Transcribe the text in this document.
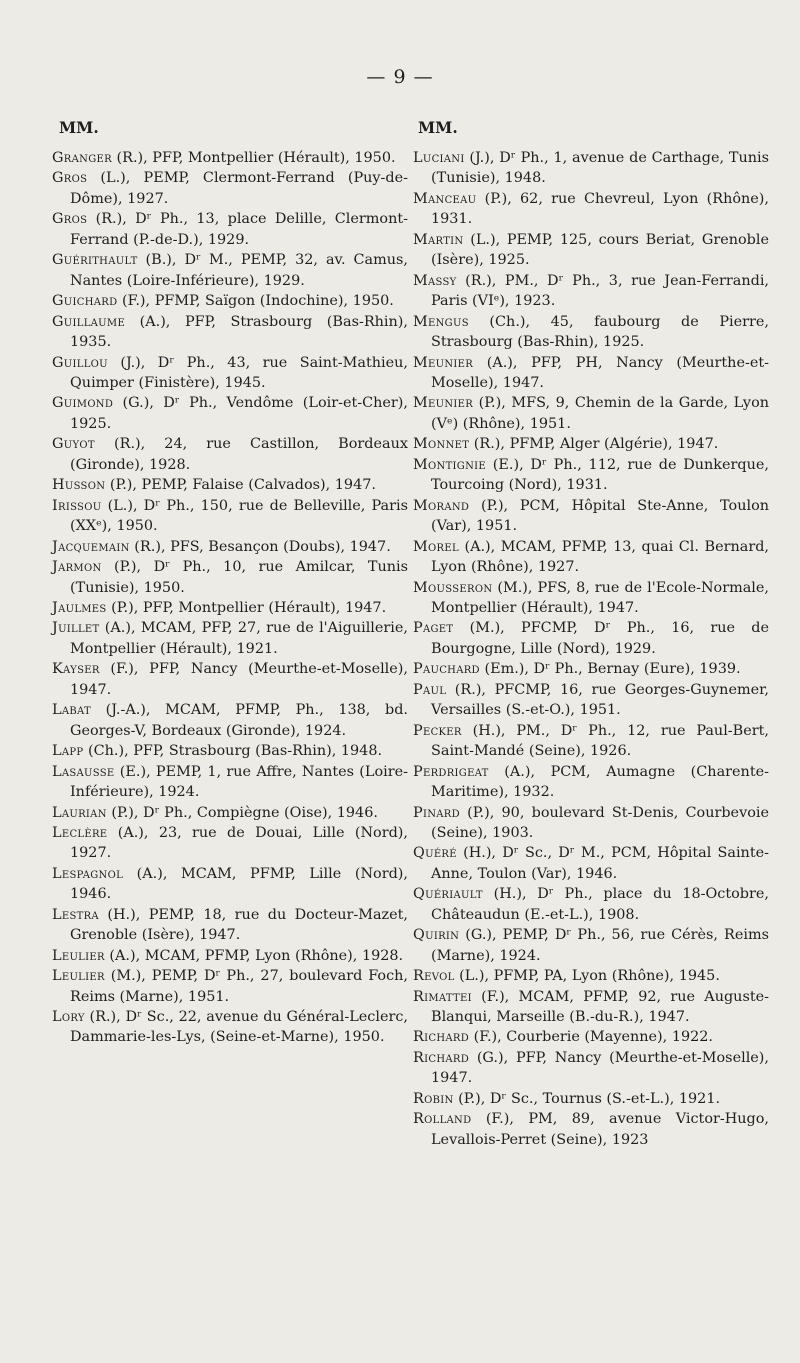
— 9 —
MM.
Granger (R.), PFP, Montpellier (Hérault), 1950.
Gros (L.), PEMP, Clermont-Ferrand (Puy-de-Dôme), 1927.
Gros (R.), Dʳ Ph., 13, place Delille, Clermont-Ferrand (P.-de-D.), 1929.
Guérithault (B.), Dʳ M., PEMP, 32, av. Camus, Nantes (Loire-Inférieure), 1929.
Guichard (F.), PFMP, Saïgon (Indochine), 1950.
Guillaume (A.), PFP, Strasbourg (Bas-Rhin), 1935.
Guillou (J.), Dʳ Ph., 43, rue Saint-Mathieu, Quimper (Finistère), 1945.
Guimond (G.), Dʳ Ph., Vendôme (Loir-et-Cher), 1925.
Guyot (R.), 24, rue Castillon, Bordeaux (Gironde), 1928.
Husson (P.), PEMP, Falaise (Calvados), 1947.
Irissou (L.), Dʳ Ph., 150, rue de Belleville, Paris (XXᵉ), 1950.
Jacquemain (R.), PFS, Besançon (Doubs), 1947.
Jarmon (P.), Dʳ Ph., 10, rue Amilcar, Tunis (Tunisie), 1950.
Jaulmes (P.), PFP, Montpellier (Hérault), 1947.
Juillet (A.), MCAM, PFP, 27, rue de l'Aiguillerie, Montpellier (Hérault), 1921.
Kayser (F.), PFP, Nancy (Meurthe-et-Moselle), 1947.
Labat (J.-A.), MCAM, PFMP, Ph., 138, bd. Georges-V, Bordeaux (Gironde), 1924.
Lapp (Ch.), PFP, Strasbourg (Bas-Rhin), 1948.
Lasausse (E.), PEMP, 1, rue Affre, Nantes (Loire-Inférieure), 1924.
Laurian (P.), Dʳ Ph., Compiègne (Oise), 1946.
Leclère (A.), 23, rue de Douai, Lille (Nord), 1927.
Lespagnol (A.), MCAM, PFMP, Lille (Nord), 1946.
Lestra (H.), PEMP, 18, rue du Docteur-Mazet, Grenoble (Isère), 1947.
Leulier (A.), MCAM, PFMP, Lyon (Rhône), 1928.
Leulier (M.), PEMP, Dʳ Ph., 27, boulevard Foch, Reims (Marne), 1951.
Lory (R.), Dʳ Sc., 22, avenue du Général-Leclerc, Dammarie-les-Lys, (Seine-et-Marne), 1950.
MM.
Luciani (J.), Dʳ Ph., 1, avenue de Carthage, Tunis (Tunisie), 1948.
Manceau (P.), 62, rue Chevreul, Lyon (Rhône), 1931.
Martin (L.), PEMP, 125, cours Beriat, Grenoble (Isère), 1925.
Massy (R.), PM., Dʳ Ph., 3, rue Jean-Ferrandi, Paris (VIᵉ), 1923.
Mengus (Ch.), 45, faubourg de Pierre, Strasbourg (Bas-Rhin), 1925.
Meunier (A.), PFP, PH, Nancy (Meurthe-et-Moselle), 1947.
Meunier (P.), MFS, 9, Chemin de la Garde, Lyon (Vᵉ) (Rhône), 1951.
Monnet (R.), PFMP, Alger (Algérie), 1947.
Montignie (E.), Dʳ Ph., 112, rue de Dunkerque, Tourcoing (Nord), 1931.
Morand (P.), PCM, Hôpital Ste-Anne, Toulon (Var), 1951.
Morel (A.), MCAM, PFMP, 13, quai Cl. Bernard, Lyon (Rhône), 1927.
Mousseron (M.), PFS, 8, rue de l'Ecole-Normale, Montpellier (Hérault), 1947.
Paget (M.), PFCMP, Dʳ Ph., 16, rue de Bourgogne, Lille (Nord), 1929.
Pauchard (Em.), Dʳ Ph., Bernay (Eure), 1939.
Paul (R.), PFCMP, 16, rue Georges-Guynemer, Versailles (S.-et-O.), 1951.
Pecker (H.), PM., Dʳ Ph., 12, rue Paul-Bert, Saint-Mandé (Seine), 1926.
Perdrigeat (A.), PCM, Aumagne (Charente-Maritime), 1932.
Pinard (P.), 90, boulevard St-Denis, Courbevoie (Seine), 1903.
Quéré (H.), Dʳ Sc., Dʳ M., PCM, Hôpital Sainte-Anne, Toulon (Var), 1946.
Quériault (H.), Dʳ Ph., place du 18-Octobre, Châteaudun (E.-et-L.), 1908.
Quirin (G.), PEMP, Dʳ Ph., 56, rue Cérès, Reims (Marne), 1924.
Revol (L.), PFMP, PA, Lyon (Rhône), 1945.
Rimattei (F.), MCAM, PFMP, 92, rue Auguste-Blanqui, Marseille (B.-du-R.), 1947.
Richard (F.), Courberie (Mayenne), 1922.
Richard (G.), PFP, Nancy (Meurthe-et-Moselle), 1947.
Robin (P.), Dʳ Sc., Tournus (S.-et-L.), 1921.
Rolland (F.), PM, 89, avenue Victor-Hugo, Levallois-Perret (Seine), 1923
